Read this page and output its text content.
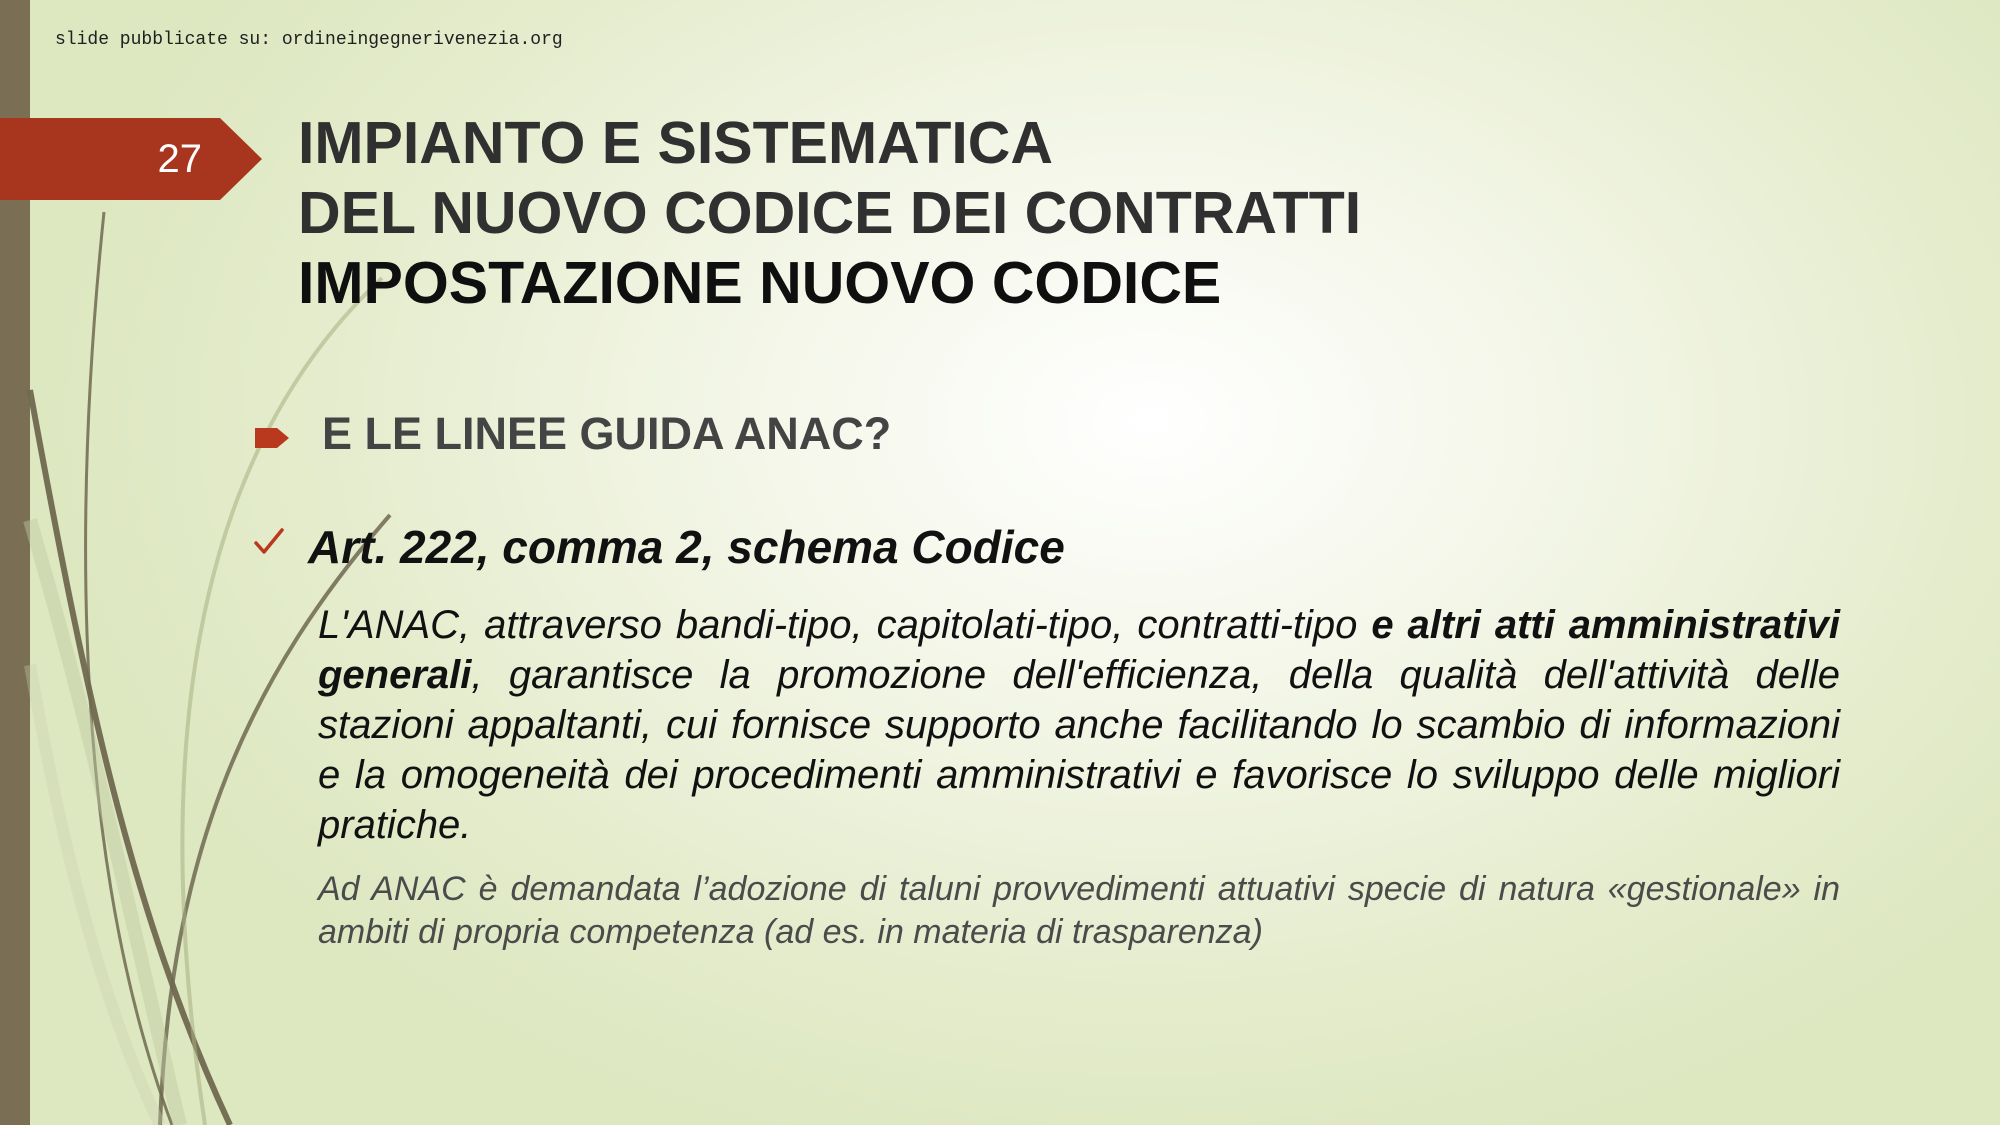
slide pubblicate su: ordineingegnerivenezia.org
27 IMPIANTO E SISTEMATICA
DEL NUOVO CODICE DEI CONTRATTI
IMPOSTAZIONE NUOVO CODICE
E LE LINEE GUIDA ANAC?
Art. 222, comma 2, schema Codice
L'ANAC, attraverso bandi-tipo, capitolati-tipo, contratti-tipo e altri atti amministrativi generali, garantisce la promozione dell'efficienza, della qualità dell'attività delle stazioni appaltanti, cui fornisce supporto anche facilitando lo scambio di informazioni e la omogeneità dei procedimenti amministrativi e favorisce lo sviluppo delle migliori pratiche.
Ad ANAC è demandata l’adozione di taluni provvedimenti attuativi specie di natura «gestionale» in ambiti di propria competenza (ad es. in materia di trasparenza)
